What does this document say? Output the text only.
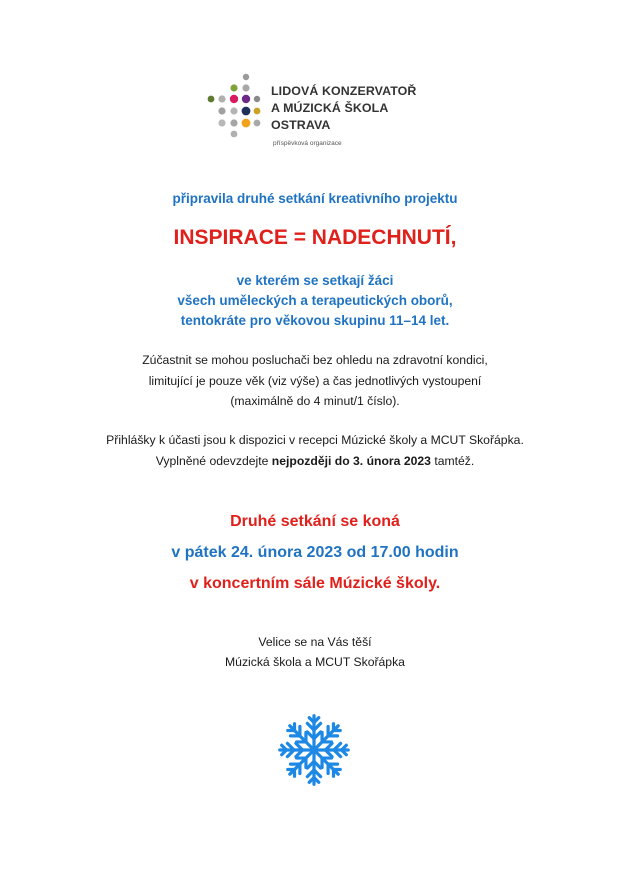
LIDOVÁ KONZERVATOŘ
A MÚZICKÁ ŠKOLA
OSTRAVA
příspěvková organizace

připravila druhé setkání kreativního projektu

INSPIRACE = NADECHNUTÍ,

ve kterém se setkají žáci
všech uměleckých a terapeutických oborů,
tentokráte pro věkovou skupinu 11–14 let.
Zúčastnit se mohou posluchači bez ohledu na zdravotní kondici,
limitující je pouze věk (viz výše) a čas jednotlivých vystoupení
(maximálně do 4 minut/1 číslo).
Přihlášky k účasti jsou k dispozici v recepci Múzické školy a MCUT Skořápka.
Vyplněné odevzdejte nejpozději do 3. února 2023 tamtéž.
Druhé setkání se koná
v pátek 24. února 2023 od 17.00 hodin
v koncertním sále Múzické školy.
Velice se na Vás těší
Múzická škola a MCUT Skořápka
